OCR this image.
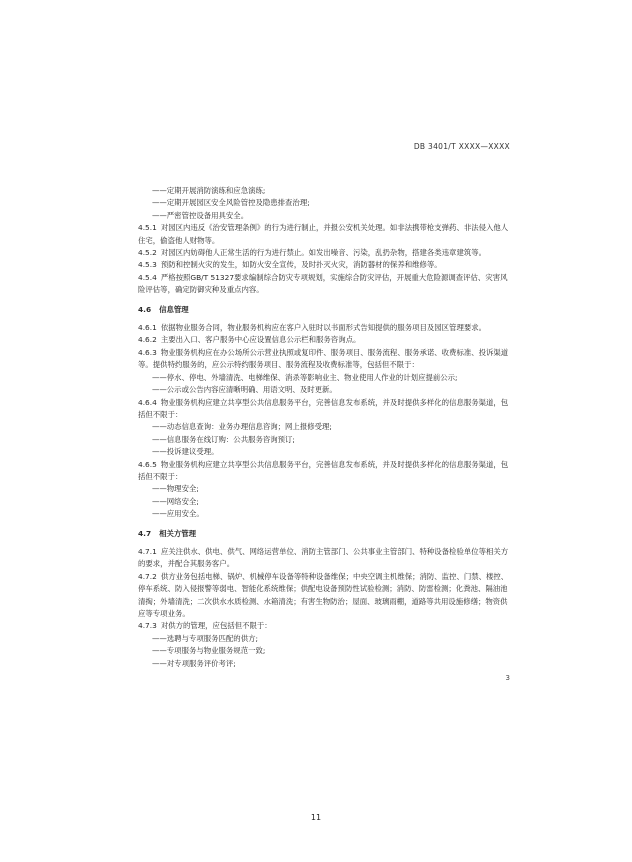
DB 3401/T XXXX—XXXX
——定期开展消防演练和应急演练;
——定期开展园区安全风险管控及隐患排查治理;
——严密管控设备用具安全。
4.5.1 对园区内违反《治安管理条例》的行为进行制止，并报公安机关处理。如非法携带枪支弹药、非法侵入他人住宅，偷盗他人财物等。
4.5.2 对园区内妨碍他人正常生活的行为进行禁止。如发出噪音、污染，乱扔杂物，搭建各类违章建筑等。
4.5.3 预防和控制火灾的发生，如防火安全宣传，及时扑灭火灾，消防器材的保养和维修等。
4.5.4 严格按照GB/T 51327要求编制综合防灾专项规划，实施综合防灾评估，开展重大危险源调查评估、灾害风险评估等，确定防御灾种及重点内容。
4.6 信息管理
4.6.1 依据物业服务合同，物业服务机构应在客户入驻时以书面形式告知提供的服务项目及园区管理要求。
4.6.2 主要出入口、客户服务中心应设置信息公示栏和服务咨询点。
4.6.3 物业服务机构应在办公场所公示营业执照或复印件、服务项目、服务流程、服务承诺、收费标准、投诉渠道等。提供特约服务的，应公示特约服务项目、服务流程及收费标准等，包括但不限于：
——停水、停电、外墙清洗、电梯维保、消杀等影响业主、物业使用人作业的计划应提前公示;
——公示或公告内容应清晰明确、用语文明、及时更新。
4.6.4 物业服务机构应建立共享型公共信息服务平台，完善信息发布系统，并及时提供多样化的信息服务渠道，包括但不限于：
——动态信息查询：业务办理信息咨询；网上报修受理;
——信息服务在线订购：公共服务咨询预订;
——投诉建议受理。
4.6.5 物业服务机构应建立共享型公共信息服务平台，完善信息发布系统，并及时提供多样化的信息服务渠道，包括但不限于：
——物理安全;
——网络安全;
——应用安全。
4.7 相关方管理
4.7.1 应关注供水、供电、供气、网络运营单位、消防主管部门、公共事业主管部门、特种设备检验单位等相关方的要求，并配合其服务客户。
4.7.2 供方业务包括电梯、锅炉、机械停车设备等特种设备维保；中央空调主机维保；消防、监控、门禁、楼控、停车系统、防入侵报警等弱电、智能化系统维保；供配电设备预防性试验检测；消防、防雷检测；化粪池、隔油池清掏；外墙清洗；二次供水水质检测、水箱清洗；有害生物防治；屋面、玻璃雨棚，道路等共用设施修缮；物资供应等专项业务。
4.7.3 对供方的管理，应包括但不限于：
——选聘与专项服务匹配的供方;
——专项服务与物业服务规范一致;
——对专项服务评价考评;
3
11
